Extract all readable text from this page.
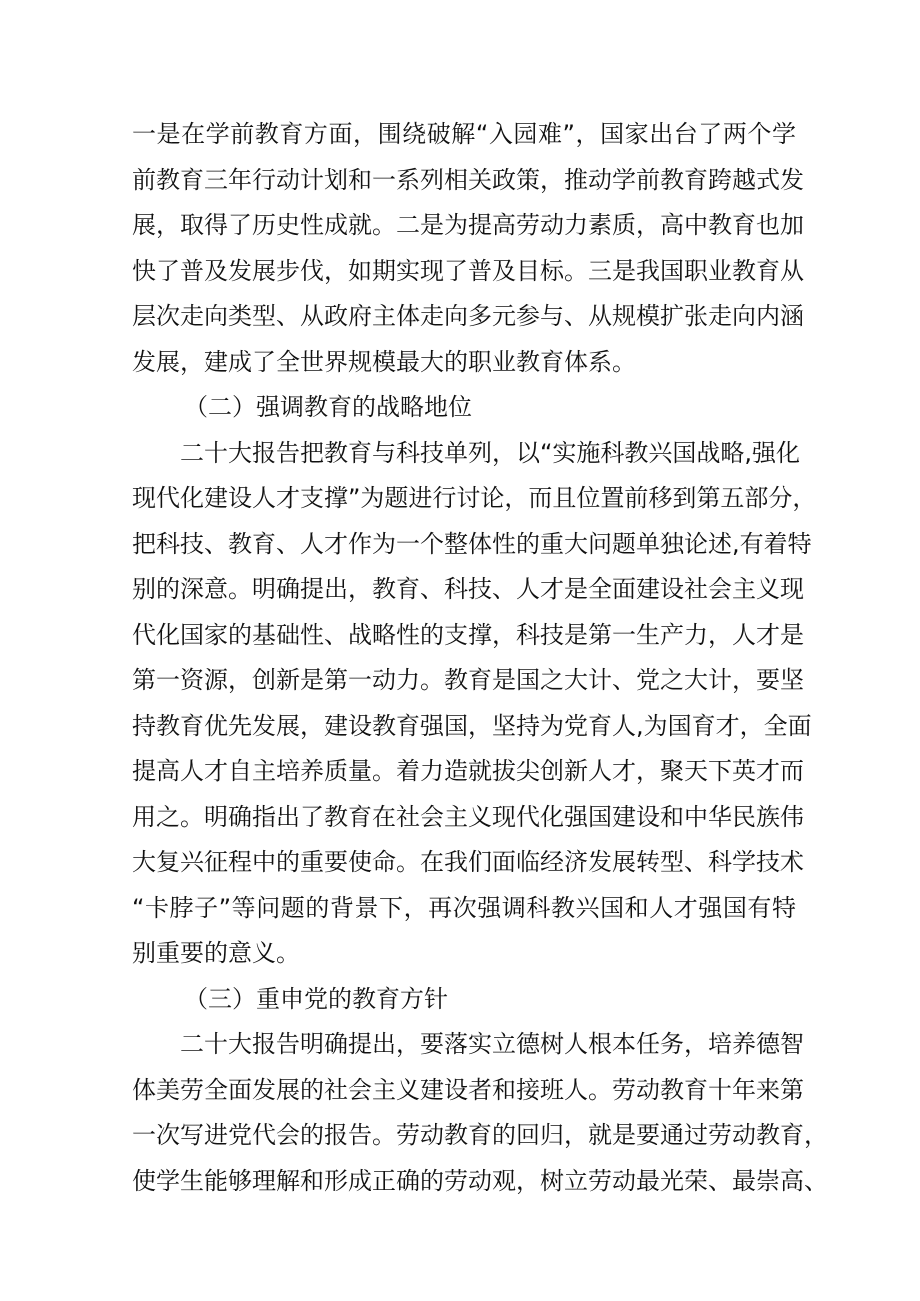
一是在学前教育方面，围绕破解“入园难”，国家出台了两个学
前教育三年行动计划和一系列相关政策，推动学前教育跨越式发
展，取得了历史性成就。二是为提高劳动力素质，高中教育也加
快了普及发展步伐，如期实现了普及目标。三是我国职业教育从
层次走向类型、从政府主体走向多元参与、从规模扩张走向内涵
发展，建成了全世界规模最大的职业教育体系。
（二）强调教育的战略地位
二十大报告把教育与科技单列，以“实施科教兴国战略,强化
现代化建设人才支撑”为题进行讨论，而且位置前移到第五部分，
把科技、教育、人才作为一个整体性的重大问题单独论述,有着特
别的深意。明确提出，教育、科技、人才是全面建设社会主义现
代化国家的基础性、战略性的支撑，科技是第一生产力，人才是
第一资源，创新是第一动力。教育是国之大计、党之大计，要坚
持教育优先发展，建设教育强国，坚持为党育人,为国育才，全面
提高人才自主培养质量。着力造就拔尖创新人才，聚天下英才而
用之。明确指出了教育在社会主义现代化强国建设和中华民族伟
大复兴征程中的重要使命。在我们面临经济发展转型、科学技术
“卡脖子”等问题的背景下，再次强调科教兴国和人才强国有特
别重要的意义。
（三）重申党的教育方针
二十大报告明确提出，要落实立德树人根本任务，培养德智
体美劳全面发展的社会主义建设者和接班人。劳动教育十年来第
一次写进党代会的报告。劳动教育的回归，就是要通过劳动教育，
使学生能够理解和形成正确的劳动观，树立劳动最光荣、最崇高、
